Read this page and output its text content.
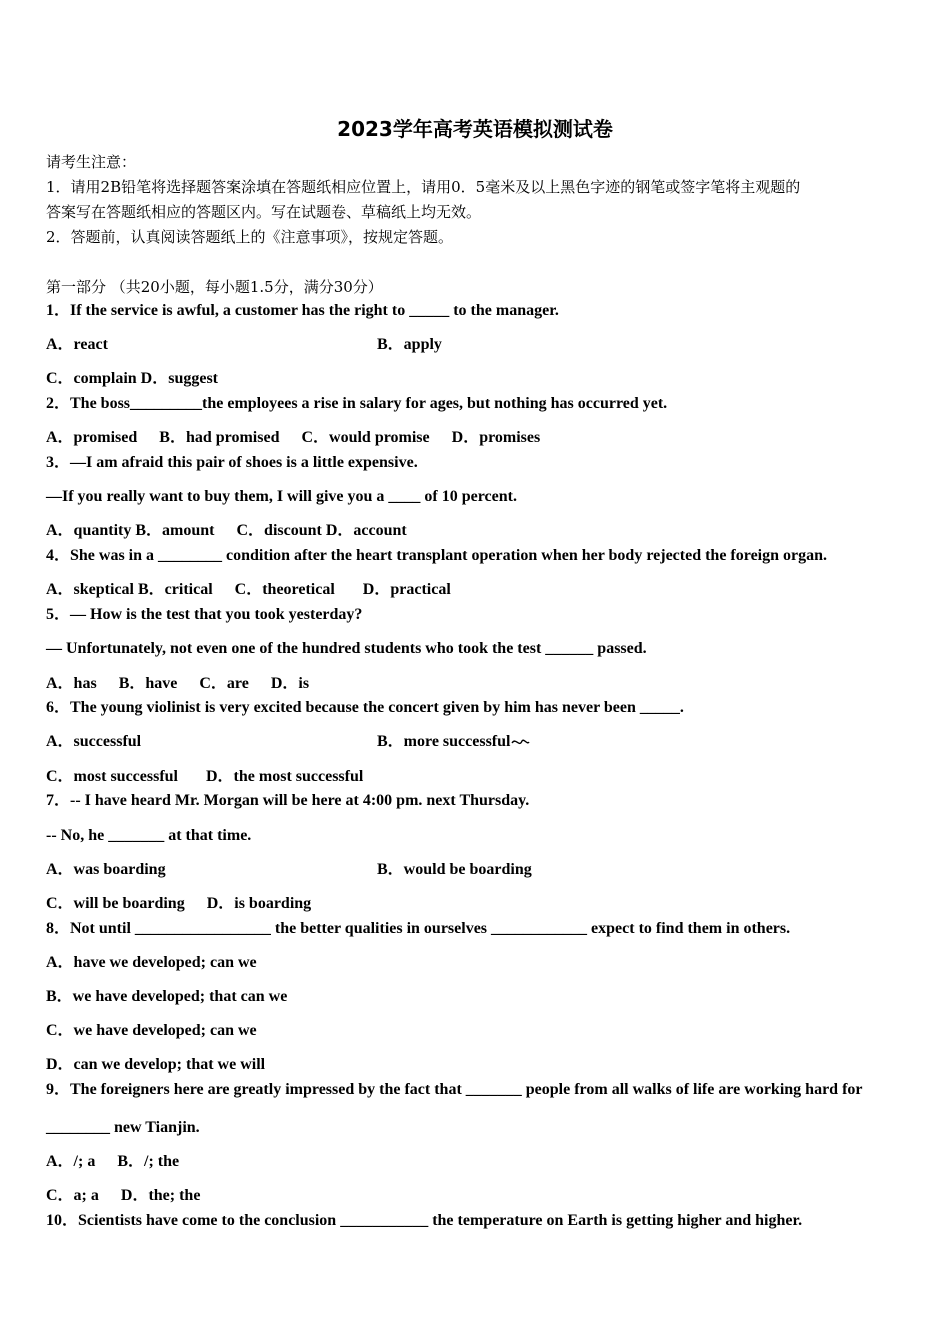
2023学年高考英语模拟测试卷
请考生注意：
1．请用2B铅笔将选择题答案涂填在答题纸相应位置上，请用0．5毫米及以上黑色字迹的钢笔或签字笔将主观题的
答案写在答题纸相应的答题区内。写在试题卷、草稿纸上均无效。
2．答题前，认真阅读答题纸上的《注意事项》，按规定答题。
第一部分 （共20小题，每小题1.5分，满分30分）
1．If the service is awful, a customer has the right to _____ to the manager.
A．react	B．apply
C．complain D．suggest
2．The boss_________the employees a rise in salary for ages, but nothing has occurred yet.
A．promised B．had promised C．would promise D．promises
3．—I am afraid this pair of shoes is a little expensive.
—If you really want to buy them, I will give you a ____ of 10 percent.
A．quantity B．amount C．discount D．account
4．She was in a ________ condition after the heart transplant operation when her body rejected the foreign organ.
A．skeptical B．critical C．theoretical D．practical
5．— How is the test that you took yesterday?
— Unfortunately, not even one of the hundred students who took the test ______ passed.
A．has B．have C．are D．is
6．The young violinist is very excited because the concert given by him has never been _____.
A．successful	B．more successful
C．most successful D．the most successful
7．-- I have heard Mr. Morgan will be here at 4:00 pm. next Thursday.
-- No, he _______ at that time.
A．was boarding	B．would be boarding
C．will be boarding D．is boarding
8．Not until _________________ the better qualities in ourselves ____________ expect to find them in others.
A．have we developed; can we
B．we have developed; that can we
C．we have developed; can we
D．can we develop; that we will
9．The foreigners here are greatly impressed by the fact that _______ people from all walks of life are working hard for
________ new Tianjin.
A．/; a B．/; the
C．a; a D．the; the
10．Scientists have come to the conclusion ___________ the temperature on Earth is getting higher and higher.
